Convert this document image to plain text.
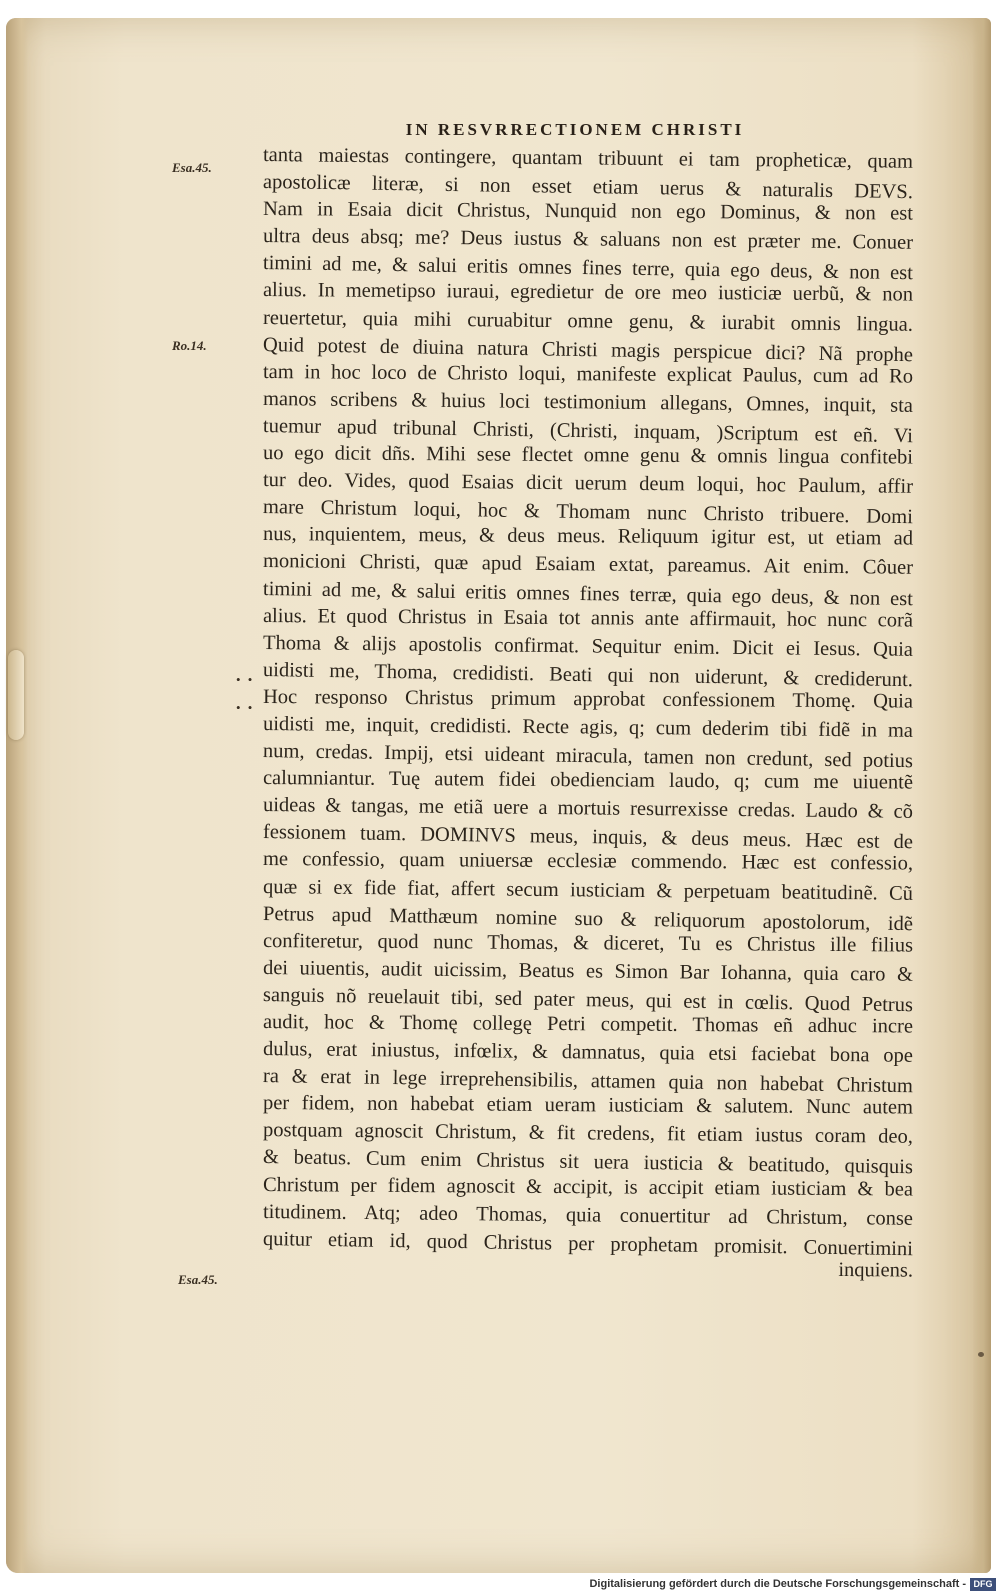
IN RESVRRECTIONEM CHRISTI
Esa.45.
Ro.14.
Esa.45.
• •
• •
tanta maiestas contingere, quantam tribuunt ei tam propheticæ, quam
apostolicæ literæ, si non esset etiam uerus & naturalis DEVS.
Nam in Esaia dicit Christus, Nunquid non ego Dominus, & non est
ultra deus absq; me? Deus iustus & saluans non est præter me. Conuer
timini ad me, & salui eritis omnes fines terre, quia ego deus, & non est
alius. In memetipso iuraui, egredietur de ore meo iusticiæ uerbũ, & non
reuertetur, quia mihi curuabitur omne genu, & iurabit omnis lingua.
Quid potest de diuina natura Christi magis perspicue dici? Nã prophe
tam in hoc loco de Christo loqui, manifeste explicat Paulus, cum ad Ro
manos scribens & huius loci testimonium allegans, Omnes, inquit, sta
tuemur apud tribunal Christi, (Christi, inquam, )Scriptum est eñ. Vi
uo ego dicit dñs. Mihi sese flectet omne genu & omnis lingua confitebi
tur deo. Vides, quod Esaias dicit uerum deum loqui, hoc Paulum, affir
mare Christum loqui, hoc & Thomam nunc Christo tribuere. Domi
nus, inquientem, meus, & deus meus. Reliquum igitur est, ut etiam ad
monicioni Christi, quæ apud Esaiam extat, pareamus. Ait enim. Côuer
timini ad me, & salui eritis omnes fines terræ, quia ego deus, & non est
alius. Et quod Christus in Esaia tot annis ante affirmauit, hoc nunc corã
Thoma & alijs apostolis confirmat. Sequitur enim. Dicit ei Iesus. Quia
uidisti me, Thoma, credidisti. Beati qui non uiderunt, & crediderunt.
Hoc responso Christus primum approbat confessionem Thomę. Quia
uidisti me, inquit, credidisti. Recte agis, q; cum dederim tibi fidẽ in ma
num, credas. Impij, etsi uideant miracula, tamen non credunt, sed potius
calumniantur. Tuę autem fidei obedienciam laudo, q; cum me uiuentẽ
uideas & tangas, me etiã uere a mortuis resurrexisse credas. Laudo & cõ
fessionem tuam. DOMINVS meus, inquis, & deus meus. Hæc est de
me confessio, quam uniuersæ ecclesiæ commendo. Hæc est confessio,
quæ si ex fide fiat, affert secum iusticiam & perpetuam beatitudinẽ. Cũ
Petrus apud Matthæum nomine suo & reliquorum apostolorum, idẽ
confiteretur, quod nunc Thomas, & diceret, Tu es Christus ille filius
dei uiuentis, audit uicissim, Beatus es Simon Bar Iohanna, quia caro &
sanguis nõ reuelauit tibi, sed pater meus, qui est in cœlis. Quod Petrus
audit, hoc & Thomę collegę Petri competit. Thomas eñ adhuc incre
dulus, erat iniustus, infœlix, & damnatus, quia etsi faciebat bona ope
ra & erat in lege irreprehensibilis, attamen quia non habebat Christum
per fidem, non habebat etiam ueram iusticiam & salutem. Nunc autem
postquam agnoscit Christum, & fit credens, fit etiam iustus coram deo,
& beatus. Cum enim Christus sit uera iusticia & beatitudo, quisquis
Christum per fidem agnoscit & accipit, is accipit etiam iusticiam & bea
titudinem. Atq; adeo Thomas, quia conuertitur ad Christum, conse
quitur etiam id, quod Christus per prophetam promisit. Conuertimini
inquiens.
Digitalisierung gefördert durch die Deutsche Forschungsgemeinschaft - DFG
